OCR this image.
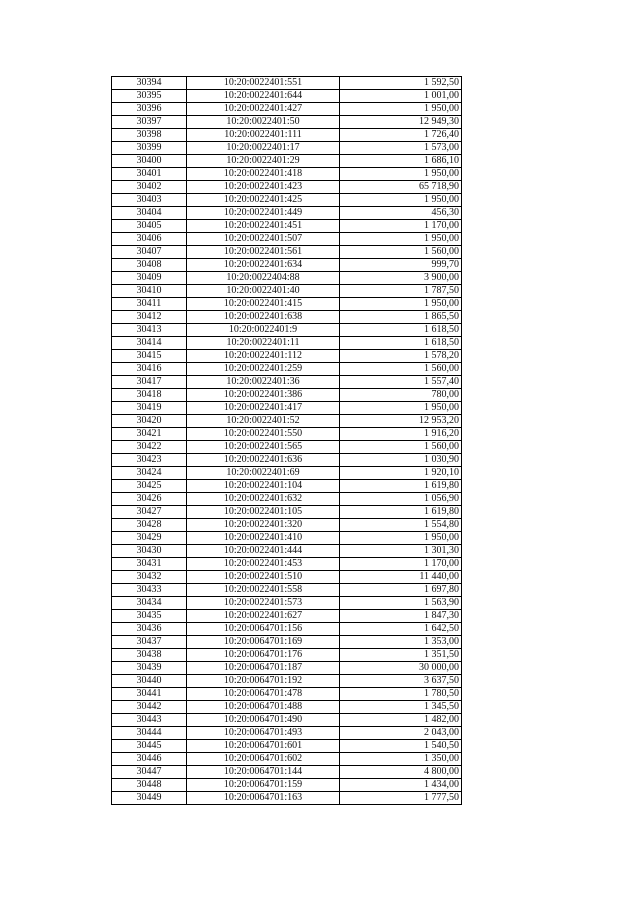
30394	10:20:0022401:551	1 592,50
30395	10:20:0022401:644	1 001,00
30396	10:20:0022401:427	1 950,00
30397	10:20:0022401:50	12 949,30
30398	10:20:0022401:111	1 726,40
30399	10:20:0022401:17	1 573,00
30400	10:20:0022401:29	1 686,10
30401	10:20:0022401:418	1 950,00
30402	10:20:0022401:423	65 718,90
30403	10:20:0022401:425	1 950,00
30404	10:20:0022401:449	456,30
30405	10:20:0022401:451	1 170,00
30406	10:20:0022401:507	1 950,00
30407	10:20:0022401:561	1 560,00
30408	10:20:0022401:634	999,70
30409	10:20:0022404:88	3 900,00
30410	10:20:0022401:40	1 787,50
30411	10:20:0022401:415	1 950,00
30412	10:20:0022401:638	1 865,50
30413	10:20:0022401:9	1 618,50
30414	10:20:0022401:11	1 618,50
30415	10:20:0022401:112	1 578,20
30416	10:20:0022401:259	1 560,00
30417	10:20:0022401:36	1 557,40
30418	10:20:0022401:386	780,00
30419	10:20:0022401:417	1 950,00
30420	10:20:0022401:52	12 953,20
30421	10:20:0022401:550	1 916,20
30422	10:20:0022401:565	1 560,00
30423	10:20:0022401:636	1 030,90
30424	10:20:0022401:69	1 920,10
30425	10:20:0022401:104	1 619,80
30426	10:20:0022401:632	1 056,90
30427	10:20:0022401:105	1 619,80
30428	10:20:0022401:320	1 554,80
30429	10:20:0022401:410	1 950,00
30430	10:20:0022401:444	1 301,30
30431	10:20:0022401:453	1 170,00
30432	10:20:0022401:510	11 440,00
30433	10:20:0022401:558	1 697,80
30434	10:20:0022401:573	1 563,90
30435	10:20:0022401:627	1 847,30
30436	10:20:0064701:156	1 642,50
30437	10:20:0064701:169	1 353,00
30438	10:20:0064701:176	1 351,50
30439	10:20:0064701:187	30 000,00
30440	10:20:0064701:192	3 637,50
30441	10:20:0064701:478	1 780,50
30442	10:20:0064701:488	1 345,50
30443	10:20:0064701:490	1 482,00
30444	10:20:0064701:493	2 043,00
30445	10:20:0064701:601	1 540,50
30446	10:20:0064701:602	1 350,00
30447	10:20:0064701:144	4 800,00
30448	10:20:0064701:159	1 434,00
30449	10:20:0064701:163	1 777,50
